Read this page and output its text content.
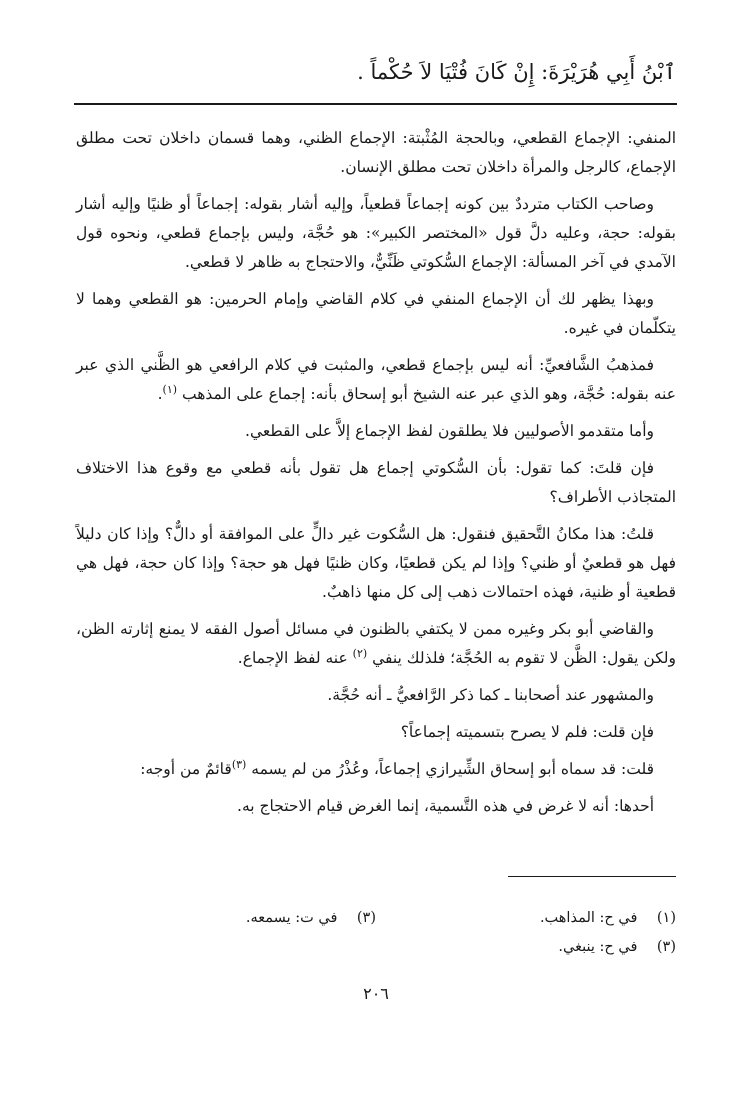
ٱبْنُ أَبِي هُرَيْرَةَ: إِنْ كَانَ فُتْيَا لاَ حُكْماً .

المنفي: الإجماع القطعي، وبالحجة المُثْبتة: الإجماع الظني، وهما قسمان داخلان تحت مطلق الإجماع، كالرجل والمرأة داخلان تحت مطلق الإنسان.

وصاحب الكتاب مترددٌ بين كونه إجماعاً قطعياً، وإليه أشار بقوله: إجماعاً أو ظنيًا وإليه أشار بقوله: حجة، وعليه دلَّ قول «المختصر الكبير»: هو حُجَّة، وليس بإجماع قطعي، ونحوه قول الآمدي في آخر المسألة: الإجماع السُّكوتي ظَنِّيٌّ، والاحتجاج به ظاهر لا قطعي.

وبهذا يظهر لك أن الإجماع المنفي في كلام القاضي وإمام الحرمين: هو القطعي وهما لا يتكلّمان في غيره.

فمذهبُ الشَّافعيِّ: أنه ليس بإجماع قطعي، والمثبت في كلام الرافعي هو الظَّني الذي عبر عنه بقوله: حُجَّة، وهو الذي عبر عنه الشيخ أبو إسحاق بأنه: إجماع على المذهب $^{(١)}$.

وأما متقدمو الأصوليين فلا يطلقون لفظ الإجماع إلاَّ على القطعي.

فإن قلتَ: كما تقول: بأن السُّكوتي إجماع هل تقول بأنه قطعي مع وقوع هذا الاختلاف المتجاذب الأطراف؟

قلتُ: هذا مكانُ التَّحقيق فنقول: هل السُّكوت غير دالٍّ على الموافقة أو دالٌّ؟ وإذا كان دليلاً فهل هو قطعيٌ أو ظني؟ وإذا لم يكن قطعيًا، وكان ظنيًا فهل هو حجة؟ وإذا كان حجة، فهل هي قطعية أو ظنية، فهذه احتمالات ذهب إلى كل منها ذاهبٌ.

والقاضي أبو بكر وغيره ممن لا يكتفي بالظنون في مسائل أصول الفقه لا يمنع إثارته الظن، ولكن يقول: الظَّن لا تقوم به الحُجَّة؛ فلذلك ينفي $^{(٢)}$ عنه لفظ الإجماع.

والمشهور عند أصحابنا ـ كما ذكر الرَّافعيُّ ـ أنه حُجَّة.

فإن قلت: فلم لا يصرح بتسميته إجماعاً؟

قلت: قد سماه أبو إسحاق الشِّيرازي إجماعاً، وعُذْرُ من لم يسمه $^{(٣)}$قائمٌ من أوجه:

أحدها: أنه لا غرض في هذه التَّسمية، إنما الغرض قيام الاحتجاج به.

(١) في ح: المذاهب.
(٣) في ت: يسمعه.
(٣) في ح: ينبغي.
٢٠٦
